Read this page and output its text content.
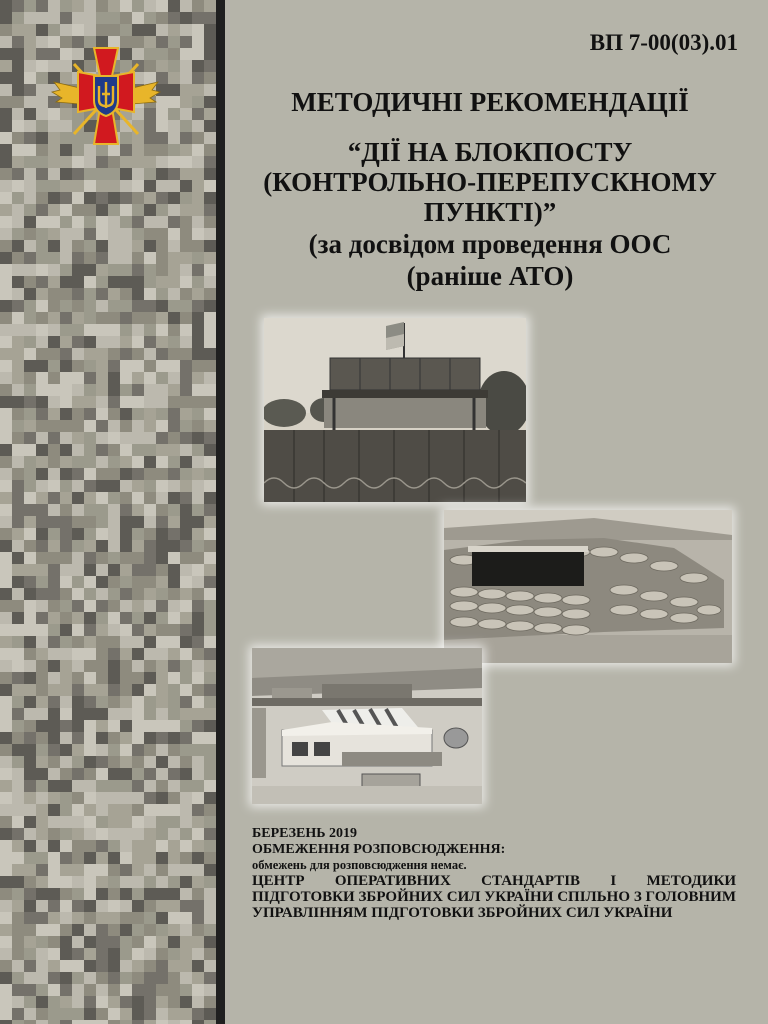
ВП 7-00(03).01
МЕТОДИЧНІ РЕКОМЕНДАЦІЇ
“ДІЇ НА БЛОКПОСТУ
(КОНТРОЛЬНО-ПЕРЕПУСКНОМУ
ПУНКТІ)”
(за досвідом проведення ООС
(раніше АТО)
БЕРЕЗЕНЬ 2019
ОБМЕЖЕННЯ РОЗПОВСЮДЖЕННЯ:
обмежень для розповсюдження немає.
ЦЕНТР ОПЕРАТИВНИХ СТАНДАРТІВ І МЕТОДИКИ ПІДГОТОВКИ ЗБРОЙНИХ СИЛ УКРАЇНИ СПІЛЬНО З ГОЛОВНИМ УПРАВЛІННЯМ ПІДГОТОВКИ ЗБРОЙНИХ СИЛ УКРАЇНИ
